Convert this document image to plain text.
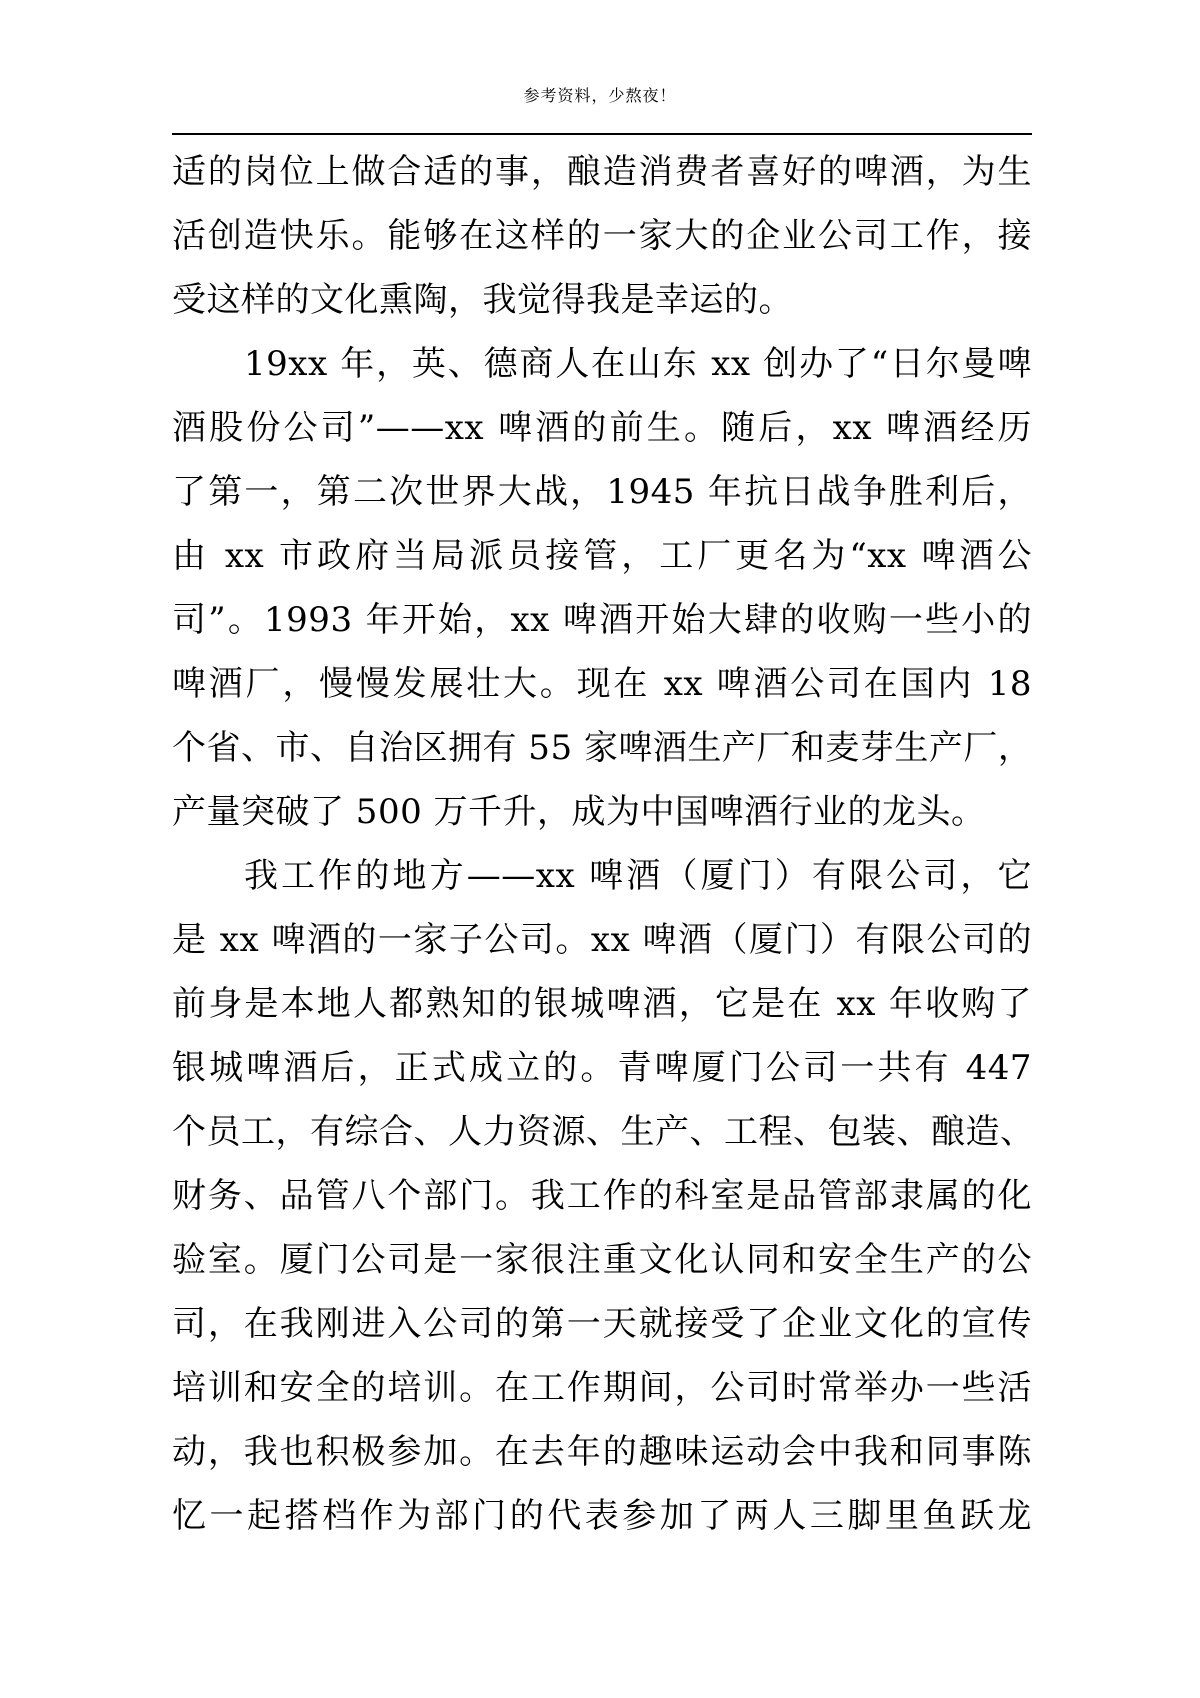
参考资料，少熬夜！
适的岗位上做合适的事，酿造消费者喜好的啤酒，为生
活创造快乐。能够在这样的一家大的企业公司工作，接
受这样的文化熏陶，我觉得我是幸运的。
19xx 年，英、德商人在山东 xx 创办了“日尔曼啤
酒股份公司”——xx 啤酒的前生。随后，xx 啤酒经历
了第一，第二次世界大战，1945 年抗日战争胜利后，
由 xx 市政府当局派员接管，工厂更名为“xx 啤酒公
司”。1993 年开始，xx 啤酒开始大肆的收购一些小的
啤酒厂，慢慢发展壮大。现在 xx 啤酒公司在国内 18
个省、市、自治区拥有 55 家啤酒生产厂和麦芽生产厂，
产量突破了 500 万千升，成为中国啤酒行业的龙头。
我工作的地方——xx 啤酒（厦门）有限公司，它
是 xx 啤酒的一家子公司。xx 啤酒（厦门）有限公司的
前身是本地人都熟知的银城啤酒，它是在 xx 年收购了
银城啤酒后，正式成立的。青啤厦门公司一共有 447
个员工，有综合、人力资源、生产、工程、包装、酿造、
财务、品管八个部门。我工作的科室是品管部隶属的化
验室。厦门公司是一家很注重文化认同和安全生产的公
司，在我刚进入公司的第一天就接受了企业文化的宣传
培训和安全的培训。在工作期间，公司时常举办一些活
动，我也积极参加。在去年的趣味运动会中我和同事陈
忆一起搭档作为部门的代表参加了两人三脚里鱼跃龙
